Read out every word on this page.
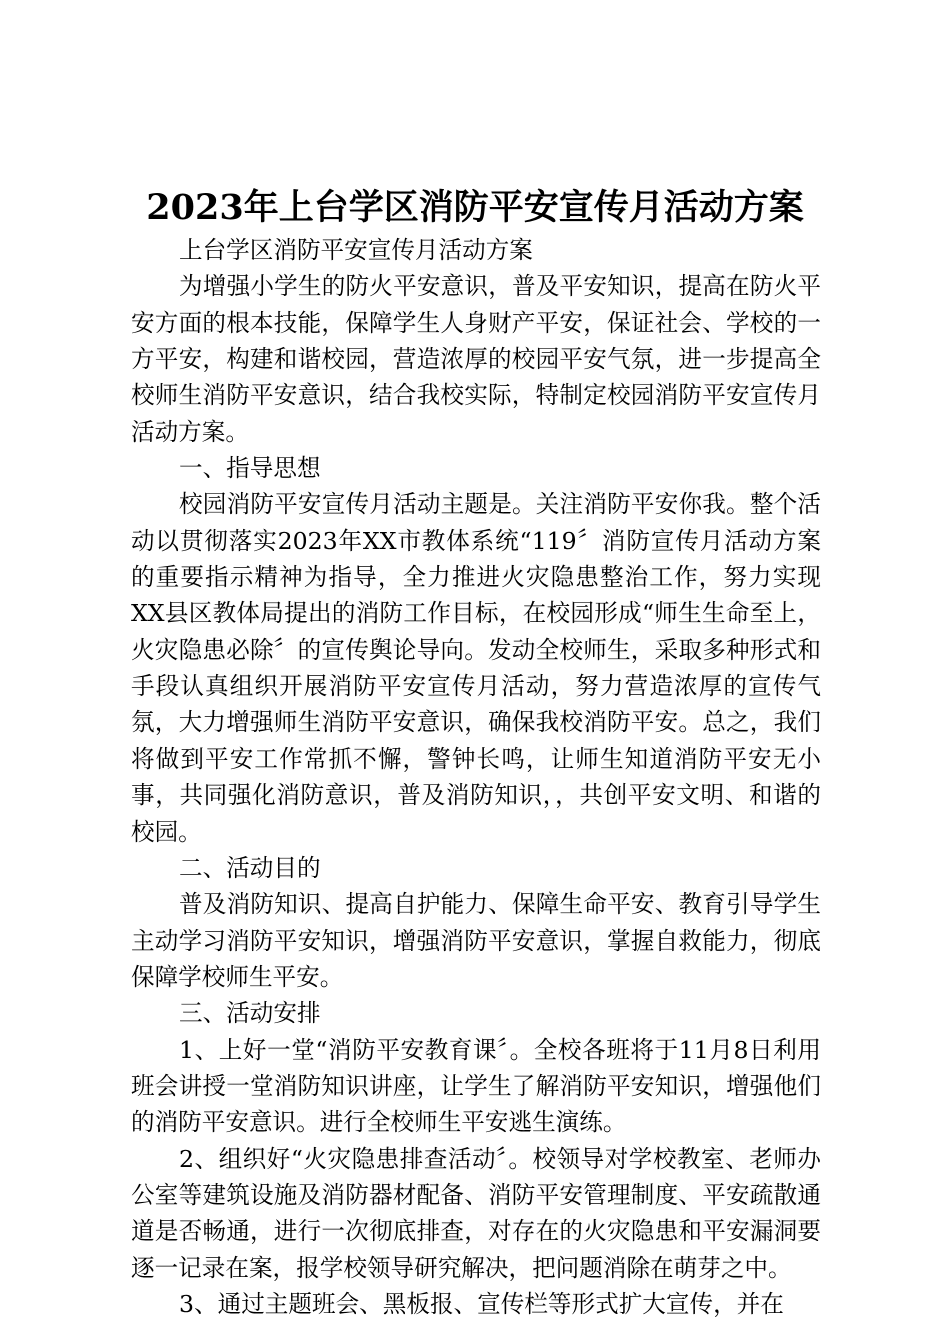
2023年上台学区消防平安宣传月活动方案

上台学区消防平安宣传月活动方案

为增强小学生的防火平安意识，普及平安知识，提高在防火平安方面的根本技能，保障学生人身财产平安，保证社会、学校的一方平安，构建和谐校园，营造浓厚的校园平安气氛，进一步提高全校师生消防平安意识，结合我校实际，特制定校园消防平安宣传月活动方案。

一、指导思想

校园消防平安宣传月活动主题是。关注消防平安你我。整个活动以贯彻落实2023年XX市教体系统“119〞消防宣传月活动方案的重要指示精神为指导，全力推进火灾隐患整治工作，努力实现XX县区教体局提出的消防工作目标，在校园形成“师生生命至上，火灾隐患必除〞的宣传舆论导向。发动全校师生，采取多种形式和手段认真组织开展消防平安宣传月活动，努力营造浓厚的宣传气氛，大力增强师生消防平安意识，确保我校消防平安。总之，我们将做到平安工作常抓不懈，警钟长鸣，让师生知道消防平安无小事，共同强化消防意识，普及消防知识，，共创平安文明、和谐的校园。

二、活动目的

普及消防知识、提高自护能力、保障生命平安、教育引导学生主动学习消防平安知识，增强消防平安意识，掌握自救能力，彻底保障学校师生平安。

三、活动安排

1、上好一堂“消防平安教育课〞。全校各班将于11月8日利用班会讲授一堂消防知识讲座，让学生了解消防平安知识，增强他们的消防平安意识。进行全校师生平安逃生演练。

2、组织好“火灾隐患排查活动〞。校领导对学校教室、老师办公室等建筑设施及消防器材配备、消防平安管理制度、平安疏散通道是否畅通，进行一次彻底排查，对存在的火灾隐患和平安漏洞要逐一记录在案，报学校领导研究解决，把问题消除在萌芽之中。

3、通过主题班会、黑板报、宣传栏等形式扩大宣传，并在
